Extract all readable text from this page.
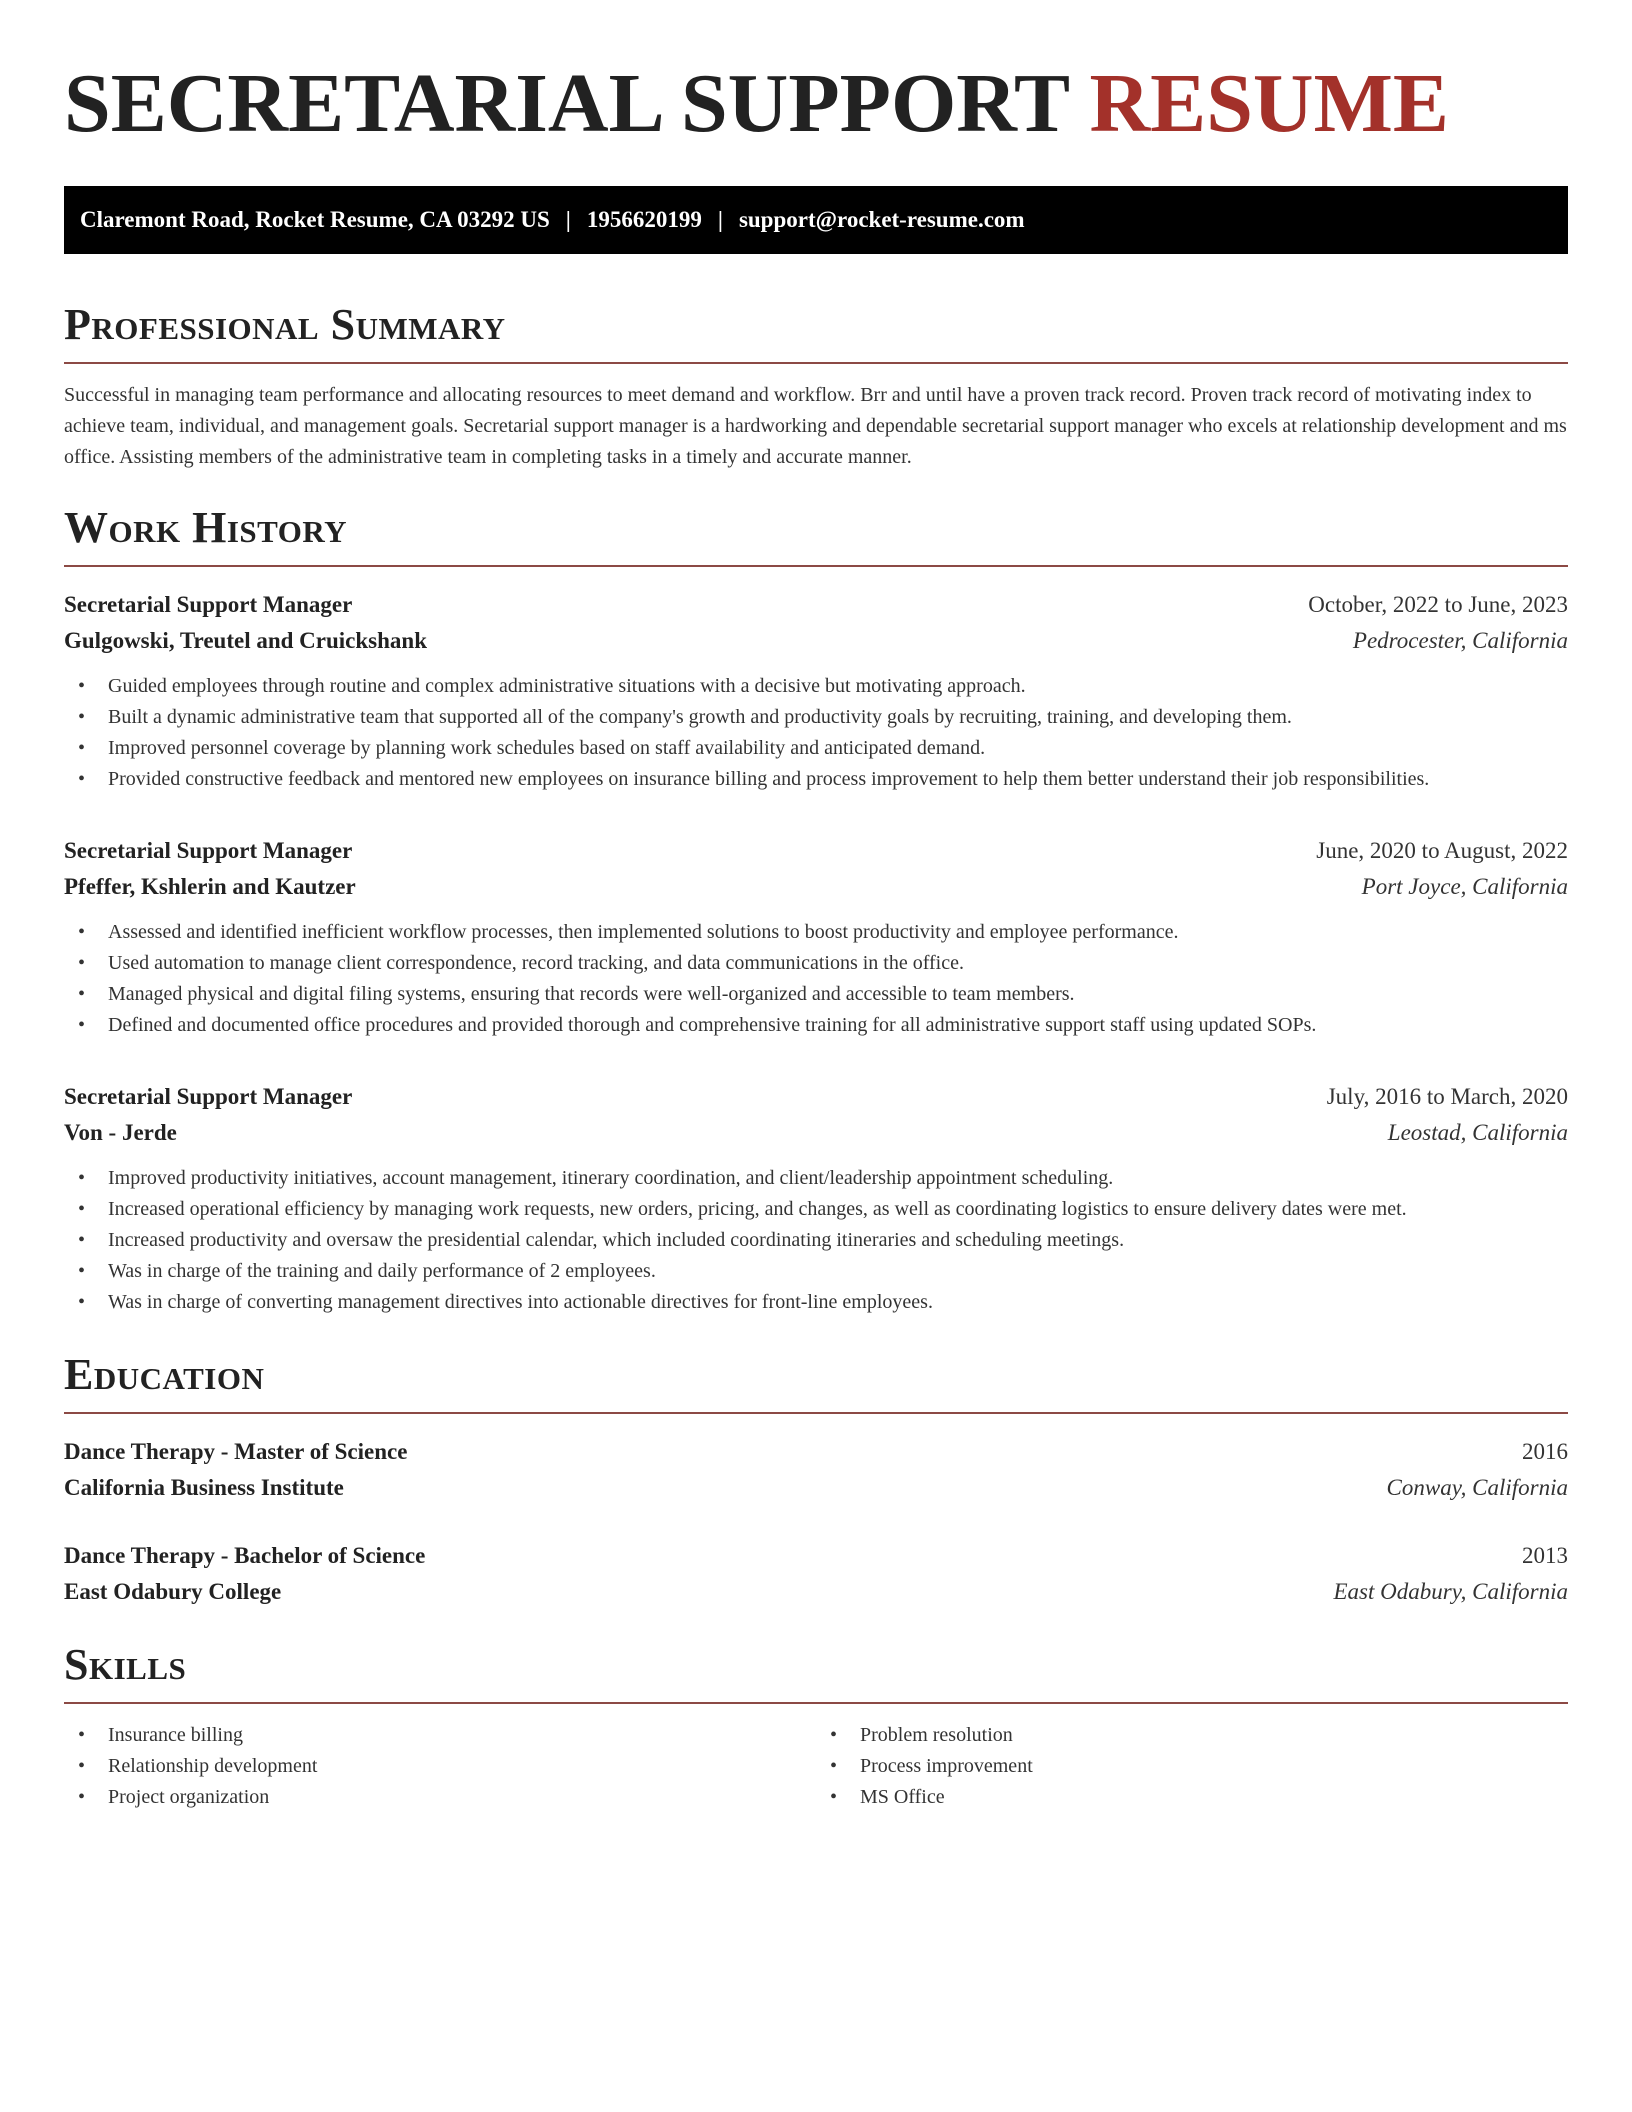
SECRETARIAL SUPPORT RESUME
Claremont Road, Rocket Resume, CA 03292 US | 1956620199 | support@rocket-resume.com
Professional Summary

Successful in managing team performance and allocating resources to meet demand and workflow. Brr and until have a proven track record. Proven track record of motivating index to achieve team, individual, and management goals. Secretarial support manager is a hardworking and dependable secretarial support manager who excels at relationship development and ms office. Assisting members of the administrative team in completing tasks in a timely and accurate manner.

Work History
Secretarial Support Manager	October, 2022 to June, 2023
Gulgowski, Treutel and Cruickshank	Pedrocester, California
• Guided employees through routine and complex administrative situations with a decisive but motivating approach.
• Built a dynamic administrative team that supported all of the company's growth and productivity goals by recruiting, training, and developing them.
• Improved personnel coverage by planning work schedules based on staff availability and anticipated demand.
• Provided constructive feedback and mentored new employees on insurance billing and process improvement to help them better understand their job responsibilities.
Secretarial Support Manager	June, 2020 to August, 2022
Pfeffer, Kshlerin and Kautzer	Port Joyce, California
• Assessed and identified inefficient workflow processes, then implemented solutions to boost productivity and employee performance.
• Used automation to manage client correspondence, record tracking, and data communications in the office.
• Managed physical and digital filing systems, ensuring that records were well-organized and accessible to team members.
• Defined and documented office procedures and provided thorough and comprehensive training for all administrative support staff using updated SOPs.
Secretarial Support Manager	July, 2016 to March, 2020
Von - Jerde	Leostad, California
• Improved productivity initiatives, account management, itinerary coordination, and client/leadership appointment scheduling.
• Increased operational efficiency by managing work requests, new orders, pricing, and changes, as well as coordinating logistics to ensure delivery dates were met.
• Increased productivity and oversaw the presidential calendar, which included coordinating itineraries and scheduling meetings.
• Was in charge of the training and daily performance of 2 employees.
• Was in charge of converting management directives into actionable directives for front-line employees.
Education
Dance Therapy - Master of Science	2016
California Business Institute	Conway, California
Dance Therapy - Bachelor of Science	2013
East Odabury College	East Odabury, California
Skills
• Insurance billing
• Relationship development
• Project organization
• Problem resolution
• Process improvement
• MS Office
